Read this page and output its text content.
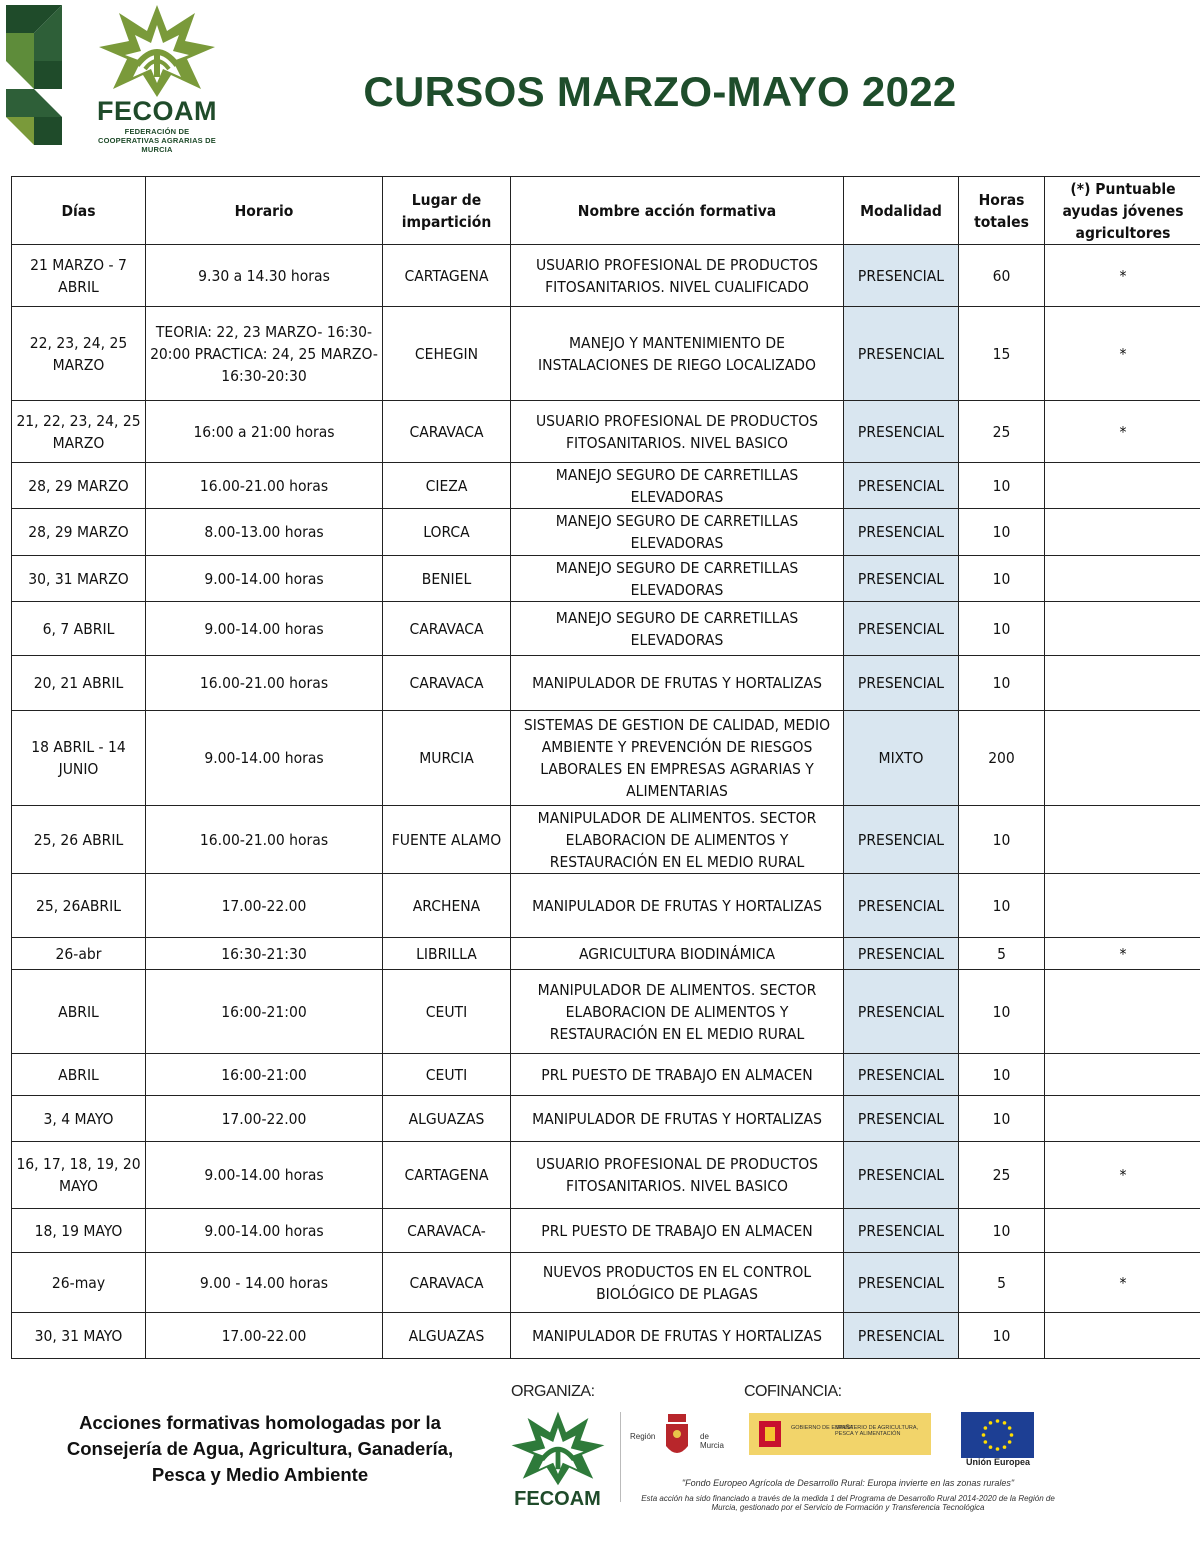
FECOAM
FEDERACIÓN DE
COOPERATIVAS AGRARIAS DE MURCIA
CURSOS MARZO-MAYO 2022
Días	Horario	Lugar de impartición	Nombre acción formativa	Modalidad	Horas totales	(*) Puntuable ayudas jóvenes agricultores
21 MARZO - 7 ABRIL	9.30 a 14.30 horas	CARTAGENA	USUARIO PROFESIONAL DE PRODUCTOS FITOSANITARIOS. NIVEL CUALIFICADO	PRESENCIAL	60	*
22, 23, 24, 25 MARZO	TEORIA: 22, 23 MARZO- 16:30-20:00 PRACTICA: 24, 25 MARZO- 16:30-20:30	CEHEGIN	MANEJO Y MANTENIMIENTO DE INSTALACIONES DE RIEGO LOCALIZADO	PRESENCIAL	15	*
21, 22, 23, 24, 25 MARZO	16:00 a 21:00 horas	CARAVACA	USUARIO PROFESIONAL DE PRODUCTOS FITOSANITARIOS. NIVEL BASICO	PRESENCIAL	25	*
28, 29 MARZO	16.00-21.00 horas	CIEZA	MANEJO SEGURO DE CARRETILLAS ELEVADORAS	PRESENCIAL	10	
28, 29 MARZO	8.00-13.00 horas	LORCA	MANEJO SEGURO DE CARRETILLAS ELEVADORAS	PRESENCIAL	10	
30, 31 MARZO	9.00-14.00 horas	BENIEL	MANEJO SEGURO DE CARRETILLAS ELEVADORAS	PRESENCIAL	10	
6, 7 ABRIL	9.00-14.00 horas	CARAVACA	MANEJO SEGURO DE CARRETILLAS ELEVADORAS	PRESENCIAL	10	
20, 21 ABRIL	16.00-21.00 horas	CARAVACA	MANIPULADOR DE FRUTAS Y HORTALIZAS	PRESENCIAL	10	
18 ABRIL - 14 JUNIO	9.00-14.00 horas	MURCIA	SISTEMAS DE GESTION DE CALIDAD, MEDIO AMBIENTE Y PREVENCIÓN DE RIESGOS LABORALES EN EMPRESAS AGRARIAS Y ALIMENTARIAS	MIXTO	200	
25, 26 ABRIL	16.00-21.00 horas	FUENTE ALAMO	MANIPULADOR DE ALIMENTOS. SECTOR ELABORACION DE ALIMENTOS Y RESTAURACIÓN EN EL MEDIO RURAL	PRESENCIAL	10	
25, 26ABRIL	17.00-22.00	ARCHENA	MANIPULADOR DE FRUTAS Y HORTALIZAS	PRESENCIAL	10	
26-abr	16:30-21:30	LIBRILLA	AGRICULTURA BIODINÁMICA	PRESENCIAL	5	*
ABRIL	16:00-21:00	CEUTI	MANIPULADOR DE ALIMENTOS. SECTOR ELABORACION DE ALIMENTOS Y RESTAURACIÓN EN EL MEDIO RURAL	PRESENCIAL	10	
ABRIL	16:00-21:00	CEUTI	PRL PUESTO DE TRABAJO EN ALMACEN	PRESENCIAL	10	
3, 4 MAYO	17.00-22.00	ALGUAZAS	MANIPULADOR DE FRUTAS Y HORTALIZAS	PRESENCIAL	10	
16, 17, 18, 19, 20 MAYO	9.00-14.00 horas	CARTAGENA	USUARIO PROFESIONAL DE PRODUCTOS FITOSANITARIOS. NIVEL BASICO	PRESENCIAL	25	*
18, 19 MAYO	9.00-14.00 horas	CARAVACA-	PRL PUESTO DE TRABAJO EN ALMACEN	PRESENCIAL	10	
26-may	9.00 - 14.00 horas	CARAVACA	NUEVOS PRODUCTOS EN EL CONTROL BIOLÓGICO DE PLAGAS	PRESENCIAL	5	*
30, 31 MAYO	17.00-22.00	ALGUAZAS	MANIPULADOR DE FRUTAS Y HORTALIZAS	PRESENCIAL	10	
Acciones formativas homologadas por la Consejería de Agua, Agricultura, Ganadería, Pesca y Medio Ambiente
ORGANIZA:	COFINANCIA:
FECOAM
Región	de Murcia
GOBIERNO DE ESPAÑA
MINISTERIO DE AGRICULTURA, PESCA Y ALIMENTACIÓN
Unión Europea
"Fondo Europeo Agrícola de Desarrollo Rural: Europa invierte en las zonas rurales"
Esta acción ha sido financiado a través de la medida 1 del Programa de Desarrollo Rural 2014-2020 de la Región de Murcia, gestionado por el Servicio de Formación y Transferencia Tecnológica
